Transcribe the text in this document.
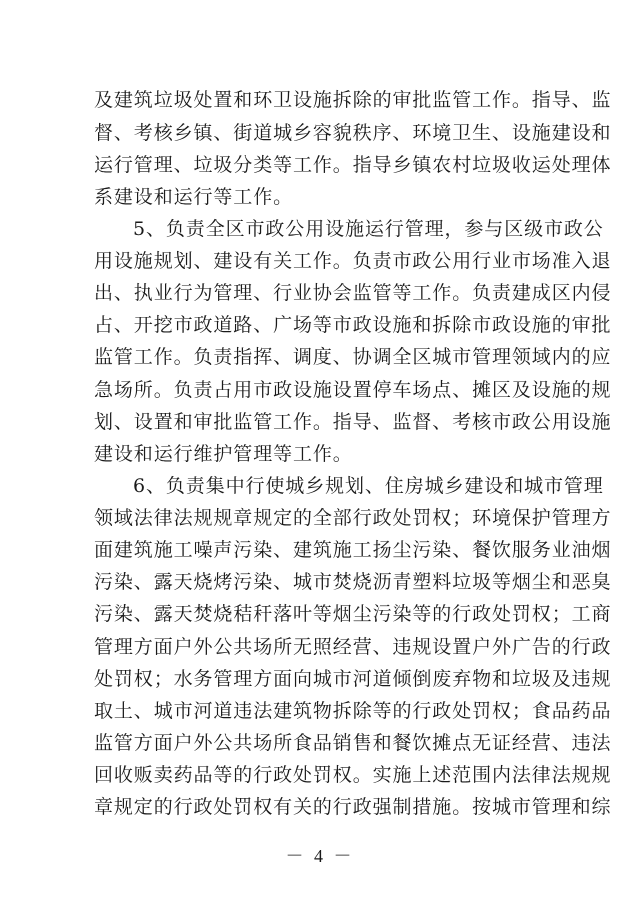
及建筑垃圾处置和环卫设施拆除的审批监管工作。指导、监
督、考核乡镇、街道城乡容貌秩序、环境卫生、设施建设和
运行管理、垃圾分类等工作。指导乡镇农村垃圾收运处理体
系建设和运行等工作。
5、负责全区市政公用设施运行管理，参与区级市政公
用设施规划、建设有关工作。负责市政公用行业市场准入退
出、执业行为管理、行业协会监管等工作。负责建成区内侵
占、开挖市政道路、广场等市政设施和拆除市政设施的审批
监管工作。负责指挥、调度、协调全区城市管理领域内的应
急场所。负责占用市政设施设置停车场点、摊区及设施的规
划、设置和审批监管工作。指导、监督、考核市政公用设施
建设和运行维护管理等工作。
6、负责集中行使城乡规划、住房城乡建设和城市管理
领域法律法规规章规定的全部行政处罚权；环境保护管理方
面建筑施工噪声污染、建筑施工扬尘污染、餐饮服务业油烟
污染、露天烧烤污染、城市焚烧沥青塑料垃圾等烟尘和恶臭
污染、露天焚烧秸秆落叶等烟尘污染等的行政处罚权；工商
管理方面户外公共场所无照经营、违规设置户外广告的行政
处罚权；水务管理方面向城市河道倾倒废弃物和垃圾及违规
取土、城市河道违法建筑物拆除等的行政处罚权；食品药品
监管方面户外公共场所食品销售和餐饮摊点无证经营、违法
回收贩卖药品等的行政处罚权。实施上述范围内法律法规规
章规定的行政处罚权有关的行政强制措施。按城市管理和综
－ 4 －
